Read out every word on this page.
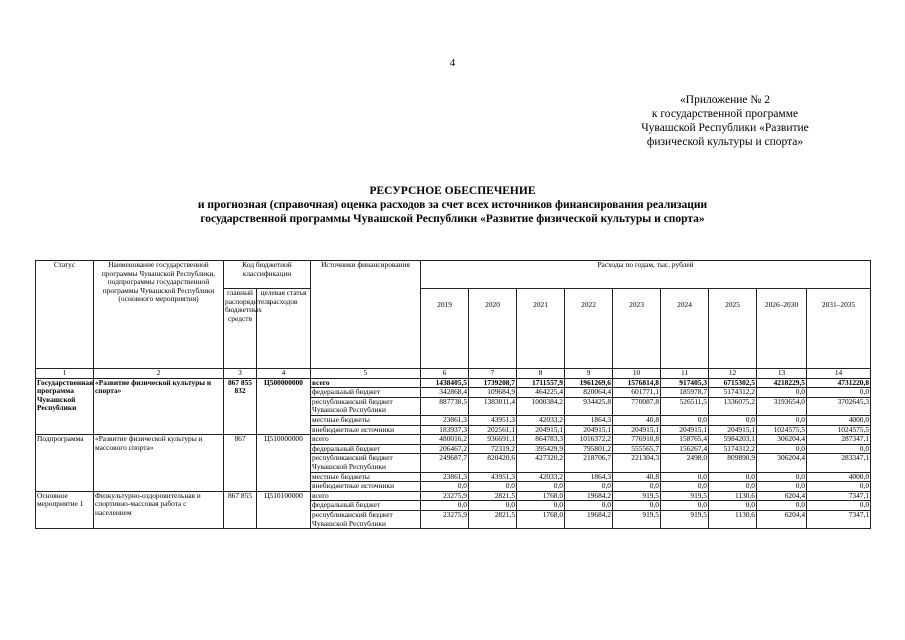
4
«Приложение № 2
к государственной программе
Чувашской Республики «Развитие
физической культуры и спорта»
РЕСУРСНОЕ ОБЕСПЕЧЕНИЕ
и прогнозная (справочная) оценка расходов за счет всех источников финансирования реализации
государственной программы Чувашской Республики «Развитие физической культуры и спорта»
Статус	Наименование государственной программы Чувашской Республики, подпрограммы государственной программы Чувашской Республики (основного мероприятия)	Код бюджетной классификации		Источники финансирования	Расходы по годам, тыс. рублей								
		главный распорядитель бюджетных средств	целевая статья расходов		2019	2020	2021	2022	2023	2024	2025	2026–2030	2031–2035
1	2	3	4	5	6	7	8	9	10	11	12	13	14
Государственная программа Чувашской Республики	«Развитие физической культуры и спорта»	867 855 832	Ц500000000	всего	1438405,5	1739208,7	1711557,9	1961269,6	1576814,8	917405,3	6715302,5	4218229,5	4731220,8
				федеральный бюджет	342868,4	109684,9	464225,4	820064,4	601771,1	185978,7	5174312,2	0,0	0,0
				республиканский бюджет Чувашской Республики	887738,5	1383011,4	1000384,2	934425,8	770087,8	526511,5	1336075,2	3193654,0	3702645,3
				местные бюджеты	23861,3	43951,3	42033,2	1864,3	40,8	0,0	0,0	0,0	4000,0
				внебюджетные источники	183937,3	202561,1	204915,1	204915,1	204915,1	204915,1	204915,1	1024575,5	1024575,5
Подпрограмма	«Развитие физической культуры и массового спорта»	867	Ц510000000	всего	480016,2	936691,1	864783,3	1016372,2	776910,8	158765,4	5984203,1	306204,4	287347,1
				федеральный бюджет	206467,2	72319,2	395429,9	795801,2	555565,7	156267,4	5174312,2	0,0	0,0
				республиканский бюджет Чувашской Республики	249687,7	820420,6	427320,2	218706,7	221304,3	2498,0	809890,9	306204,4	283347,1
				местные бюджеты	23861,3	43951,3	42033,2	1864,3	40,8	0,0	0,0	0,0	4000,0
				внебюджетные источники	0,0	0,0	0,0	0,0	0,0	0,0	0,0	0,0	0,0
Основное мероприятие 1	Физкультурно-оздоровительная и спортивно-массовая работа с населением	867 855	Ц510100000	всего	23275,9	2821,5	1768,0	19684,2	919,5	919,5	1130,6	6204,4	7347,1
				федеральный бюджет	0,0	0,0	0,0	0,0	0,0	0,0	0,0	0,0	0,0
				республиканский бюджет Чувашской Республики	23275,9	2821,5	1768,0	19684,2	919,5	919,5	1130,6	6204,4	7347,1
